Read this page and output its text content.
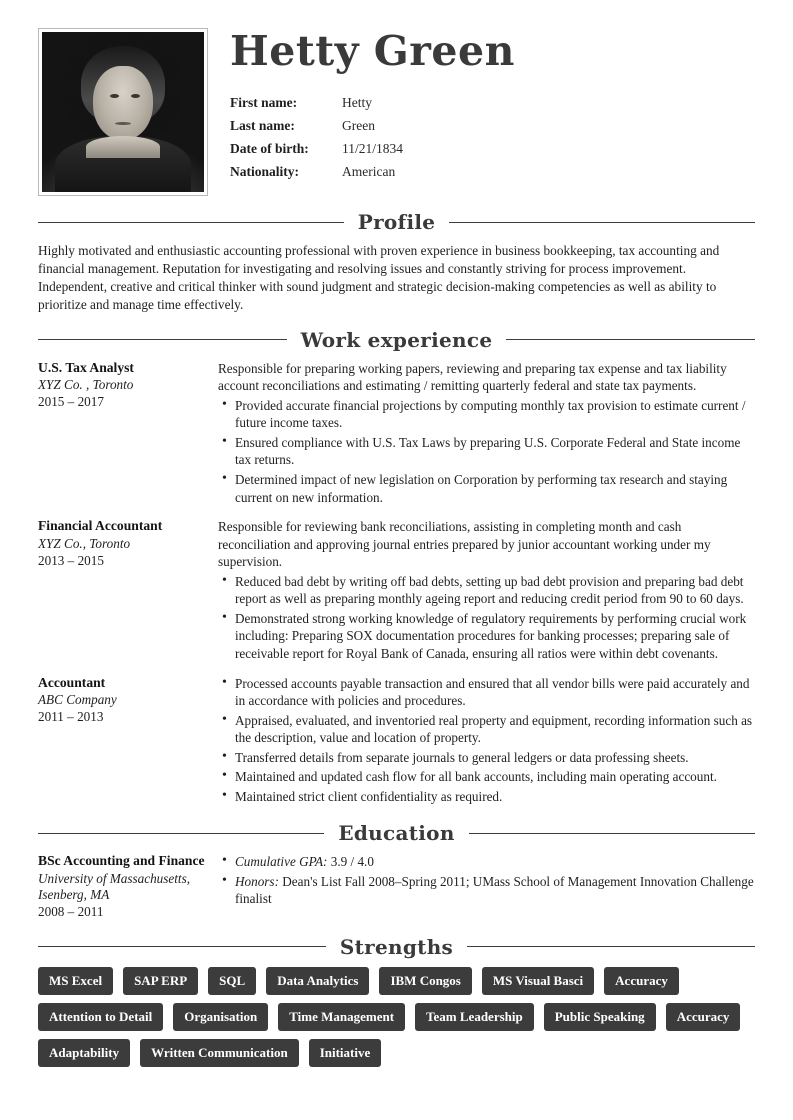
Hetty Green
First name:	Hetty
Last name:	Green
Date of birth:	11/21/1834
Nationality:	American
Profile
Highly motivated and enthusiastic accounting professional with proven experience in business bookkeeping, tax accounting and financial management. Reputation for investigating and resolving issues and constantly striving for process improvement. Independent, creative and critical thinker with sound judgment and strategic decision-making competencies as well as ability to prioritize and manage time effectively.
Work experience
U.S. Tax Analyst
XYZ Co. , Toronto
2015 – 2017

Responsible for preparing working papers, reviewing and preparing tax expense and tax liability account reconciliations and estimating / remitting quarterly federal and state tax payments.

• Provided accurate financial projections by computing monthly tax provision to estimate current / future income taxes.
• Ensured compliance with U.S. Tax Laws by preparing U.S. Corporate Federal and State income tax returns.
• Determined impact of new legislation on Corporation by performing tax research and staying current on new information.
Financial Accountant
XYZ Co., Toronto
2013 – 2015

Responsible for reviewing bank reconciliations, assisting in completing month and cash reconciliation and approving journal entries prepared by junior accountant working under my supervision.

• Reduced bad debt by writing off bad debts, setting up bad debt provision and preparing bad debt report as well as preparing monthly ageing report and reducing credit period from 90 to 60 days.
• Demonstrated strong working knowledge of regulatory requirements by performing crucial work including: Preparing SOX documentation procedures for banking processes; preparing sale of receivable report for Royal Bank of Canada, ensuring all ratios were within debt covenants.
Accountant
ABC Company
2011 – 2013
• Processed accounts payable transaction and ensured that all vendor bills were paid accurately and in accordance with policies and procedures.
• Appraised, evaluated, and inventoried real property and equipment, recording information such as the description, value and location of property.
• Transferred details from separate journals to general ledgers or data professing sheets.
• Maintained and updated cash flow for all bank accounts, including main operating account.
• Maintained strict client confidentiality as required.
Education
BSc Accounting and Finance
University of Massachusetts, Isenberg, MA
2008 – 2011
• Cumulative GPA: 3.9 / 4.0
• Honors: Dean's List Fall 2008–Spring 2011; UMass School of Management Innovation Challenge finalist
Strengths
MS Excel	SAP ERP	SQL	Data Analytics	IBM Congos	MS Visual Basci	Accuracy
Attention to Detail	Organisation	Time Management	Team Leadership	Public Speaking	Accuracy
Adaptability	Written Communication	Initiative
